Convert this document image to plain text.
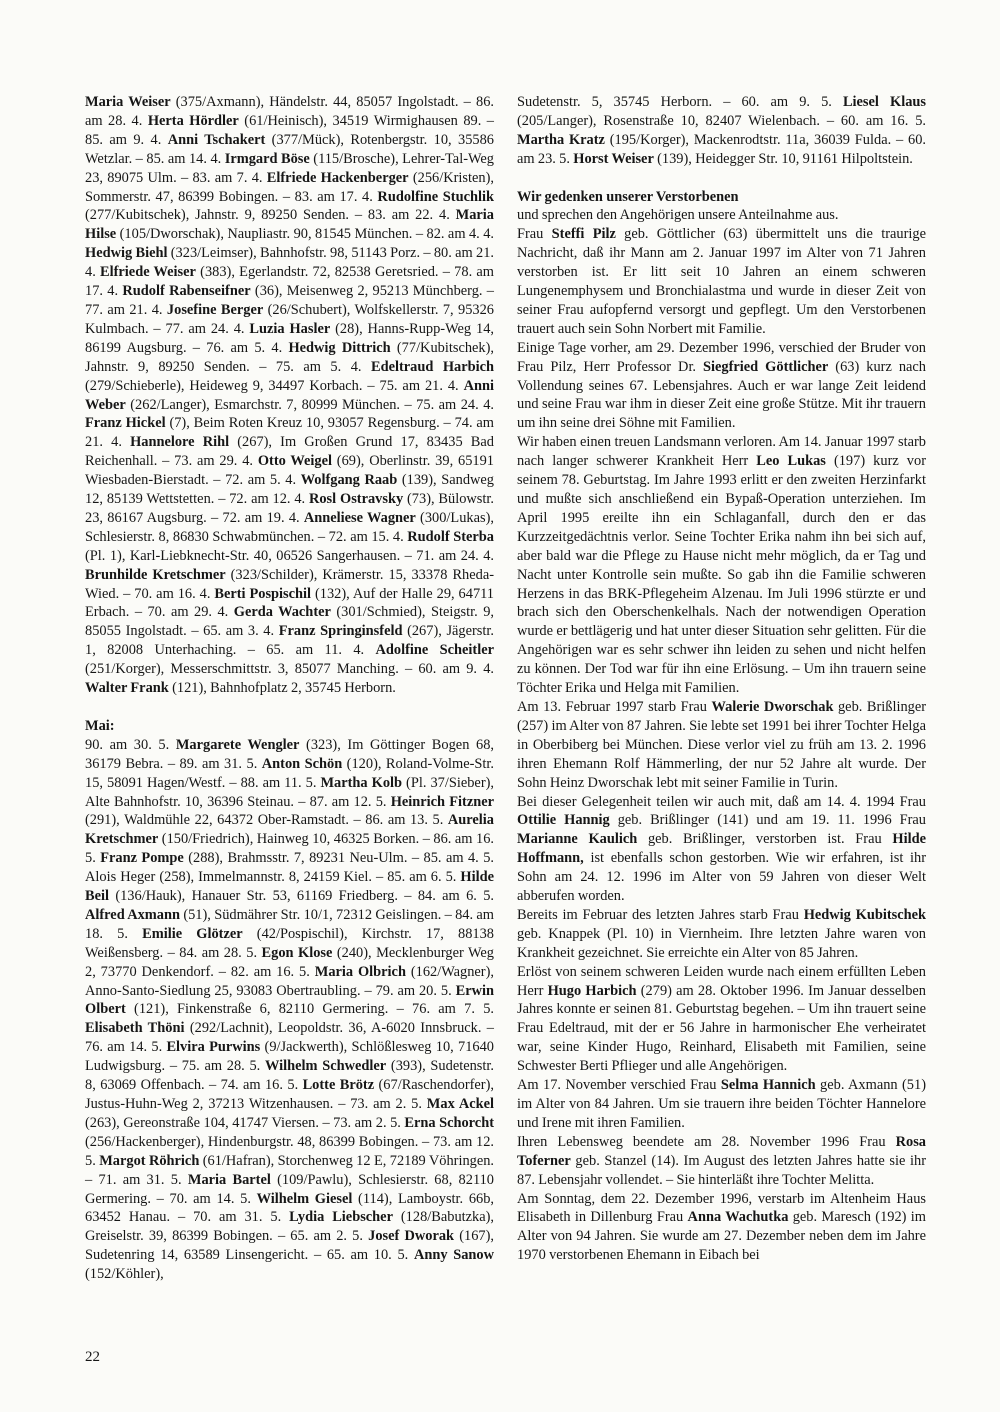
Maria Weiser (375/Axmann), Händelstr. 44, 85057 Ingolstadt. – 86. am 28. 4. Herta Hördler (61/Heinisch), 34519 Wirmighausen 89. – 85. am 9. 4. Anni Tschakert (377/Mück), Rotenbergstr. 10, 35586 Wetzlar. – 85. am 14. 4. Irmgard Böse (115/Brosche), Lehrer-Tal-Weg 23, 89075 Ulm. – 83. am 7. 4. Elfriede Hackenberger (256/Kristen), Sommerstr. 47, 86399 Bobingen. – 83. am 17. 4. Rudolfine Stuchlik (277/Kubitschek), Jahnstr. 9, 89250 Senden. – 83. am 22. 4. Maria Hilse (105/Dworschak), Naupliastr. 90, 81545 München. – 82. am 4. 4. Hedwig Biehl (323/Leimser), Bahnhofstr. 98, 51143 Porz. – 80. am 21. 4. Elfriede Weiser (383), Egerlandstr. 72, 82538 Geretsried. – 78. am 17. 4. Rudolf Rabenseifner (36), Meisenweg 2, 95213 Münchberg. – 77. am 21. 4. Josefine Berger (26/Schubert), Wolfskellerstr. 7, 95326 Kulmbach. – 77. am 24. 4. Luzia Hasler (28), Hanns-Rupp-Weg 14, 86199 Augsburg. – 76. am 5. 4. Hedwig Dittrich (77/Kubitschek), Jahnstr. 9, 89250 Senden. – 75. am 5. 4. Edeltraud Harbich (279/Schieberle), Heideweg 9, 34497 Korbach. – 75. am 21. 4. Anni Weber (262/Langer), Esmarchstr. 7, 80999 München. – 75. am 24. 4. Franz Hickel (7), Beim Roten Kreuz 10, 93057 Regensburg. – 74. am 21. 4. Hannelore Rihl (267), Im Großen Grund 17, 83435 Bad Reichenhall. – 73. am 29. 4. Otto Weigel (69), Oberlinstr. 39, 65191 Wiesbaden-Bierstadt. – 72. am 5. 4. Wolfgang Raab (139), Sandweg 12, 85139 Wettstetten. – 72. am 12. 4. Rosl Ostravsky (73), Bülowstr. 23, 86167 Augsburg. – 72. am 19. 4. Anneliese Wagner (300/Lukas), Schlesierstr. 8, 86830 Schwabmünchen. – 72. am 15. 4. Rudolf Sterba (Pl. 1), Karl-Liebknecht-Str. 40, 06526 Sangerhausen. – 71. am 24. 4. Brunhilde Kretschmer (323/Schilder), Krämerstr. 15, 33378 Rheda-Wied. – 70. am 16. 4. Berti Pospischil (132), Auf der Halle 29, 64711 Erbach. – 70. am 29. 4. Gerda Wachter (301/Schmied), Steigstr. 9, 85055 Ingolstadt. – 65. am 3. 4. Franz Springinsfeld (267), Jägerstr. 1, 82008 Unterhaching. – 65. am 11. 4. Adolfine Scheitler (251/Korger), Messerschmittstr. 3, 85077 Manching. – 60. am 9. 4. Walter Frank (121), Bahnhofplatz 2, 35745 Herborn.

Mai:

90. am 30. 5. Margarete Wengler (323), Im Göttinger Bogen 68, 36179 Bebra. – 89. am 31. 5. Anton Schön (120), Roland-Volme-Str. 15, 58091 Hagen/Westf. – 88. am 11. 5. Martha Kolb (Pl. 37/Sieber), Alte Bahnhofstr. 10, 36396 Steinau. – 87. am 12. 5. Heinrich Fitzner (291), Waldmühle 22, 64372 Ober-Ramstadt. – 86. am 13. 5. Aurelia Kretschmer (150/Friedrich), Hainweg 10, 46325 Borken. – 86. am 16. 5. Franz Pompe (288), Brahmsstr. 7, 89231 Neu-Ulm. – 85. am 4. 5. Alois Heger (258), Immelmannstr. 8, 24159 Kiel. – 85. am 6. 5. Hilde Beil (136/Hauk), Hanauer Str. 53, 61169 Friedberg. – 84. am 6. 5. Alfred Axmann (51), Südmährer Str. 10/1, 72312 Geislingen. – 84. am 18. 5. Emilie Glötzer (42/Pospischil), Kirchstr. 17, 88138 Weißensberg. – 84. am 28. 5. Egon Klose (240), Mecklenburger Weg 2, 73770 Denkendorf. – 82. am 16. 5. Maria Olbrich (162/Wagner), Anno-Santo-Siedlung 25, 93083 Obertraubling. – 79. am 20. 5. Erwin Olbert (121), Finkenstraße 6, 82110 Germering. – 76. am 7. 5. Elisabeth Thöni (292/Lachnit), Leopoldstr. 36, A-6020 Innsbruck. – 76. am 14. 5. Elvira Purwins (9/Jackwerth), Schlößlesweg 10, 71640 Ludwigsburg. – 75. am 28. 5. Wilhelm Schwedler (393), Sudetenstr. 8, 63069 Offenbach. – 74. am 16. 5. Lotte Brötz (67/Raschendorfer), Justus-Huhn-Weg 2, 37213 Witzenhausen. – 73. am 2. 5. Max Ackel (263), Gereonstraße 104, 41747 Viersen. – 73. am 2. 5. Erna Schorcht (256/Hackenberger), Hindenburgstr. 48, 86399 Bobingen. – 73. am 12. 5. Margot Röhrich (61/Hafran), Storchenweg 12 E, 72189 Vöhringen. – 71. am 31. 5. Maria Bartel (109/Pawlu), Schlesierstr. 68, 82110 Germering. – 70. am 14. 5. Wilhelm Giesel (114), Lamboystr. 66b, 63452 Hanau. – 70. am 31. 5. Lydia Liebscher (128/Babutzka), Greiselstr. 39, 86399 Bobingen. – 65. am 2. 5. Josef Dworak (167), Sudetenring 14, 63589 Linsengericht. – 65. am 10. 5. Anny Sanow (152/Köhler),

Sudetenstr. 5, 35745 Herborn. – 60. am 9. 5. Liesel Klaus (205/Langer), Rosenstraße 10, 82407 Wielenbach. – 60. am 16. 5. Martha Kratz (195/Korger), Mackenrodtstr. 11a, 36039 Fulda. – 60. am 23. 5. Horst Weiser (139), Heidegger Str. 10, 91161 Hilpoltstein.

Wir gedenken unserer Verstorbenen

und sprechen den Angehörigen unsere Anteilnahme aus.

Frau Steffi Pilz geb. Göttlicher (63) übermittelt uns die traurige Nachricht, daß ihr Mann am 2. Januar 1997 im Alter von 71 Jahren verstorben ist. Er litt seit 10 Jahren an einem schweren Lungenemphysem und Bronchialastma und wurde in dieser Zeit von seiner Frau aufopfernd versorgt und gepflegt. Um den Verstorbenen trauert auch sein Sohn Norbert mit Familie.

Einige Tage vorher, am 29. Dezember 1996, verschied der Bruder von Frau Pilz, Herr Professor Dr. Siegfried Göttlicher (63) kurz nach Vollendung seines 67. Lebensjahres. Auch er war lange Zeit leidend und seine Frau war ihm in dieser Zeit eine große Stütze. Mit ihr trauern um ihn seine drei Söhne mit Familien.

Wir haben einen treuen Landsmann verloren. Am 14. Januar 1997 starb nach langer schwerer Krankheit Herr Leo Lukas (197) kurz vor seinem 78. Geburtstag. Im Jahre 1993 erlitt er den zweiten Herzinfarkt und mußte sich anschließend ein Bypaß-Operation unterziehen. Im April 1995 ereilte ihn ein Schlaganfall, durch den er das Kurzzeitgedächtnis verlor. Seine Tochter Erika nahm ihn bei sich auf, aber bald war die Pflege zu Hause nicht mehr möglich, da er Tag und Nacht unter Kontrolle sein mußte. So gab ihn die Familie schweren Herzens in das BRK-Pflegeheim Alzenau. Im Juli 1996 stürzte er und brach sich den Oberschenkelhals. Nach der notwendigen Operation wurde er bettlägerig und hat unter dieser Situation sehr gelitten. Für die Angehörigen war es sehr schwer ihn leiden zu sehen und nicht helfen zu können. Der Tod war für ihn eine Erlösung. – Um ihn trauern seine Töchter Erika und Helga mit Familien.

Am 13. Februar 1997 starb Frau Walerie Dworschak geb. Brißlinger (257) im Alter von 87 Jahren. Sie lebte set 1991 bei ihrer Tochter Helga in Oberbiberg bei München. Diese verlor viel zu früh am 13. 2. 1996 ihren Ehemann Rolf Hämmerling, der nur 52 Jahre alt wurde. Der Sohn Heinz Dworschak lebt mit seiner Familie in Turin.

Bei dieser Gelegenheit teilen wir auch mit, daß am 14. 4. 1994 Frau Ottilie Hannig geb. Brißlinger (141) und am 19. 11. 1996 Frau Marianne Kaulich geb. Brißlinger, verstorben ist. Frau Hilde Hoffmann, ist ebenfalls schon gestorben. Wie wir erfahren, ist ihr Sohn am 24. 12. 1996 im Alter von 59 Jahren von dieser Welt abberufen worden.

Bereits im Februar des letzten Jahres starb Frau Hedwig Kubitschek geb. Knappek (Pl. 10) in Viernheim. Ihre letzten Jahre waren von Krankheit gezeichnet. Sie erreichte ein Alter von 85 Jahren.

Erlöst von seinem schweren Leiden wurde nach einem erfüllten Leben Herr Hugo Harbich (279) am 28. Oktober 1996. Im Januar desselben Jahres konnte er seinen 81. Geburtstag begehen. – Um ihn trauert seine Frau Edeltraud, mit der er 56 Jahre in harmonischer Ehe verheiratet war, seine Kinder Hugo, Reinhard, Elisabeth mit Familien, seine Schwester Berti Pflieger und alle Angehörigen.

Am 17. November verschied Frau Selma Hannich geb. Axmann (51) im Alter von 84 Jahren. Um sie trauern ihre beiden Töchter Hannelore und Irene mit ihren Familien.

Ihren Lebensweg beendete am 28. November 1996 Frau Rosa Toferner geb. Stanzel (14). Im August des letzten Jahres hatte sie ihr 87. Lebensjahr vollendet. – Sie hinterläßt ihre Tochter Melitta.

Am Sonntag, dem 22. Dezember 1996, verstarb im Altenheim Haus Elisabeth in Dillenburg Frau Anna Wachutka geb. Maresch (192) im Alter von 94 Jahren. Sie wurde am 27. Dezember neben dem im Jahre 1970 verstorbenen Ehemann in Eibach bei

22
